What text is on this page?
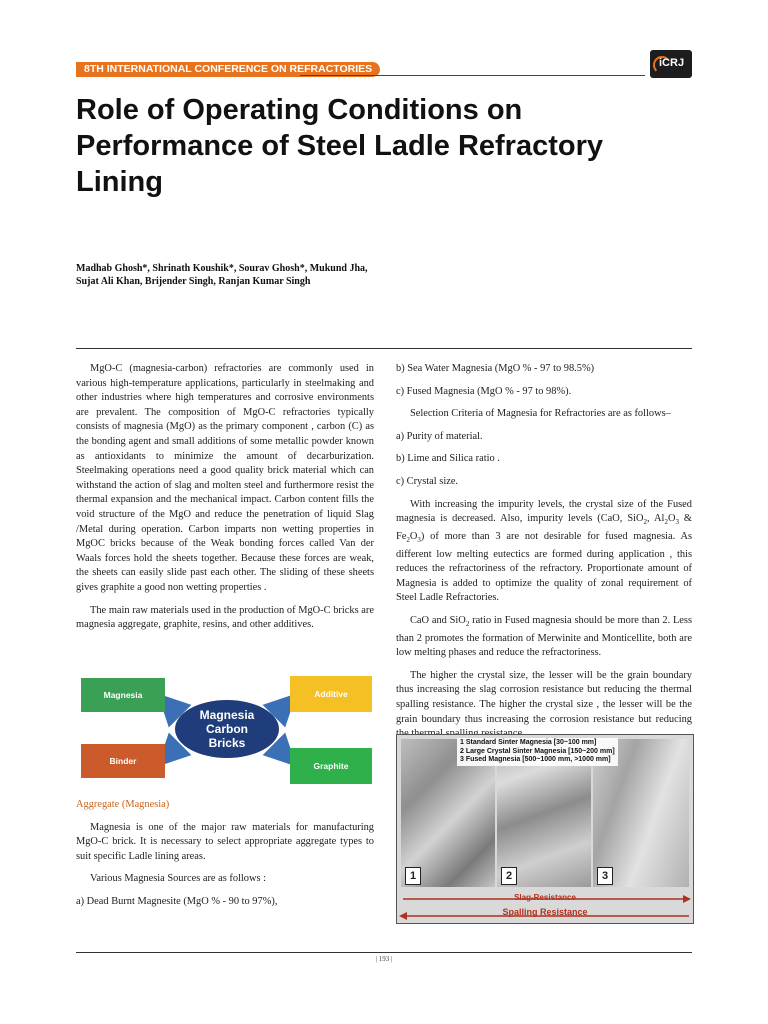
8TH INTERNATIONAL CONFERENCE ON REFRACTORIES	iCRJ
Role of Operating Conditions on Performance of Steel Ladle Refractory Lining
Madhab Ghosh*, Shrinath Koushik*, Sourav Ghosh*, Mukund Jha,
Sujat Ali Khan, Brijender Singh, Ranjan Kumar Singh

MgO-C (magnesia-carbon) refractories are commonly used in various high-temperature applications, particularly in steelmaking and other industries where high temperatures and corrosive environments are prevalent. The composition of MgO-C refractories typically consists of magnesia (MgO) as the primary component , carbon (C) as the bonding agent and small additions of some metallic powder known as antioxidants to minimize the amount of decarburization. Steelmaking operations need a good quality brick material which can withstand the action of slag and molten steel and furthermore resist the thermal expansion and the mechanical impact. Carbon content fills the void structure of the MgO and reduce the penetration of liquid Slag /Metal during operation. Carbon imparts non wetting properties in MgOC bricks because of the Weak bonding forces called Van der Waals forces hold the sheets together. Because these forces are weak, the sheets can easily slide past each other. The sliding of these sheets gives graphite a good non wetting properties .

The main raw materials used in the production of MgO-C bricks are magnesia aggregate, graphite, resins, and other additives.

Magnesia	Additive
Binder	Graphite
Magnesia
Carbon
Bricks

Aggregate (Magnesia)

Magnesia is one of the major raw materials for manufacturing MgO-C brick. It is necessary to select appropriate aggregate types to suit specific Ladle lining areas.

Various Magnesia Sources are as follows :

a) Dead Burnt Magnesite (MgO % - 90 to 97%),

b) Sea Water Magnesia (MgO % - 97 to 98.5%)

c) Fused Magnesia (MgO % - 97 to 98%).

Selection Criteria of Magnesia for Refractories are as follows–

a) Purity of material.

b) Lime and Silica ratio .

c) Crystal size.

With increasing the impurity levels, the crystal size of the Fused magnesia is decreased. Also, impurity levels (CaO, SiO$_2$, $Al_2O_3$ & $Fe_2O_3$) of more than 3 are not desirable for fused magnesia. As different low melting eutectics are formed during application , this reduces the refractoriness of the refractory. Proportionate amount of Magnesia is added to optimize the quality of zonal requirement of Steel Ladle Refractories.

CaO and SiO$_2$ ratio in Fused magnesia should be more than 2. Less than 2 promotes the formation of Merwinite and Monticellite, both are low melting phases and reduce the refractoriness.

The higher the crystal size, the lesser will be the grain boundary thus increasing the slag corrosion resistance but reducing the thermal spalling resistance. The higher the crystal size , the lesser will be the grain boundary thus increasing the corrosion resistance but reducing

1 Standard Sinter Magnesia [30~100 mm]
2 Large Crystal Sinter Magnesia [150~200 mm]
3 Fused Magnesia [500~1000 mm, >1000 mm]
1	2	3
Slag-Resistance
Spalling Resistance
| 193 |
